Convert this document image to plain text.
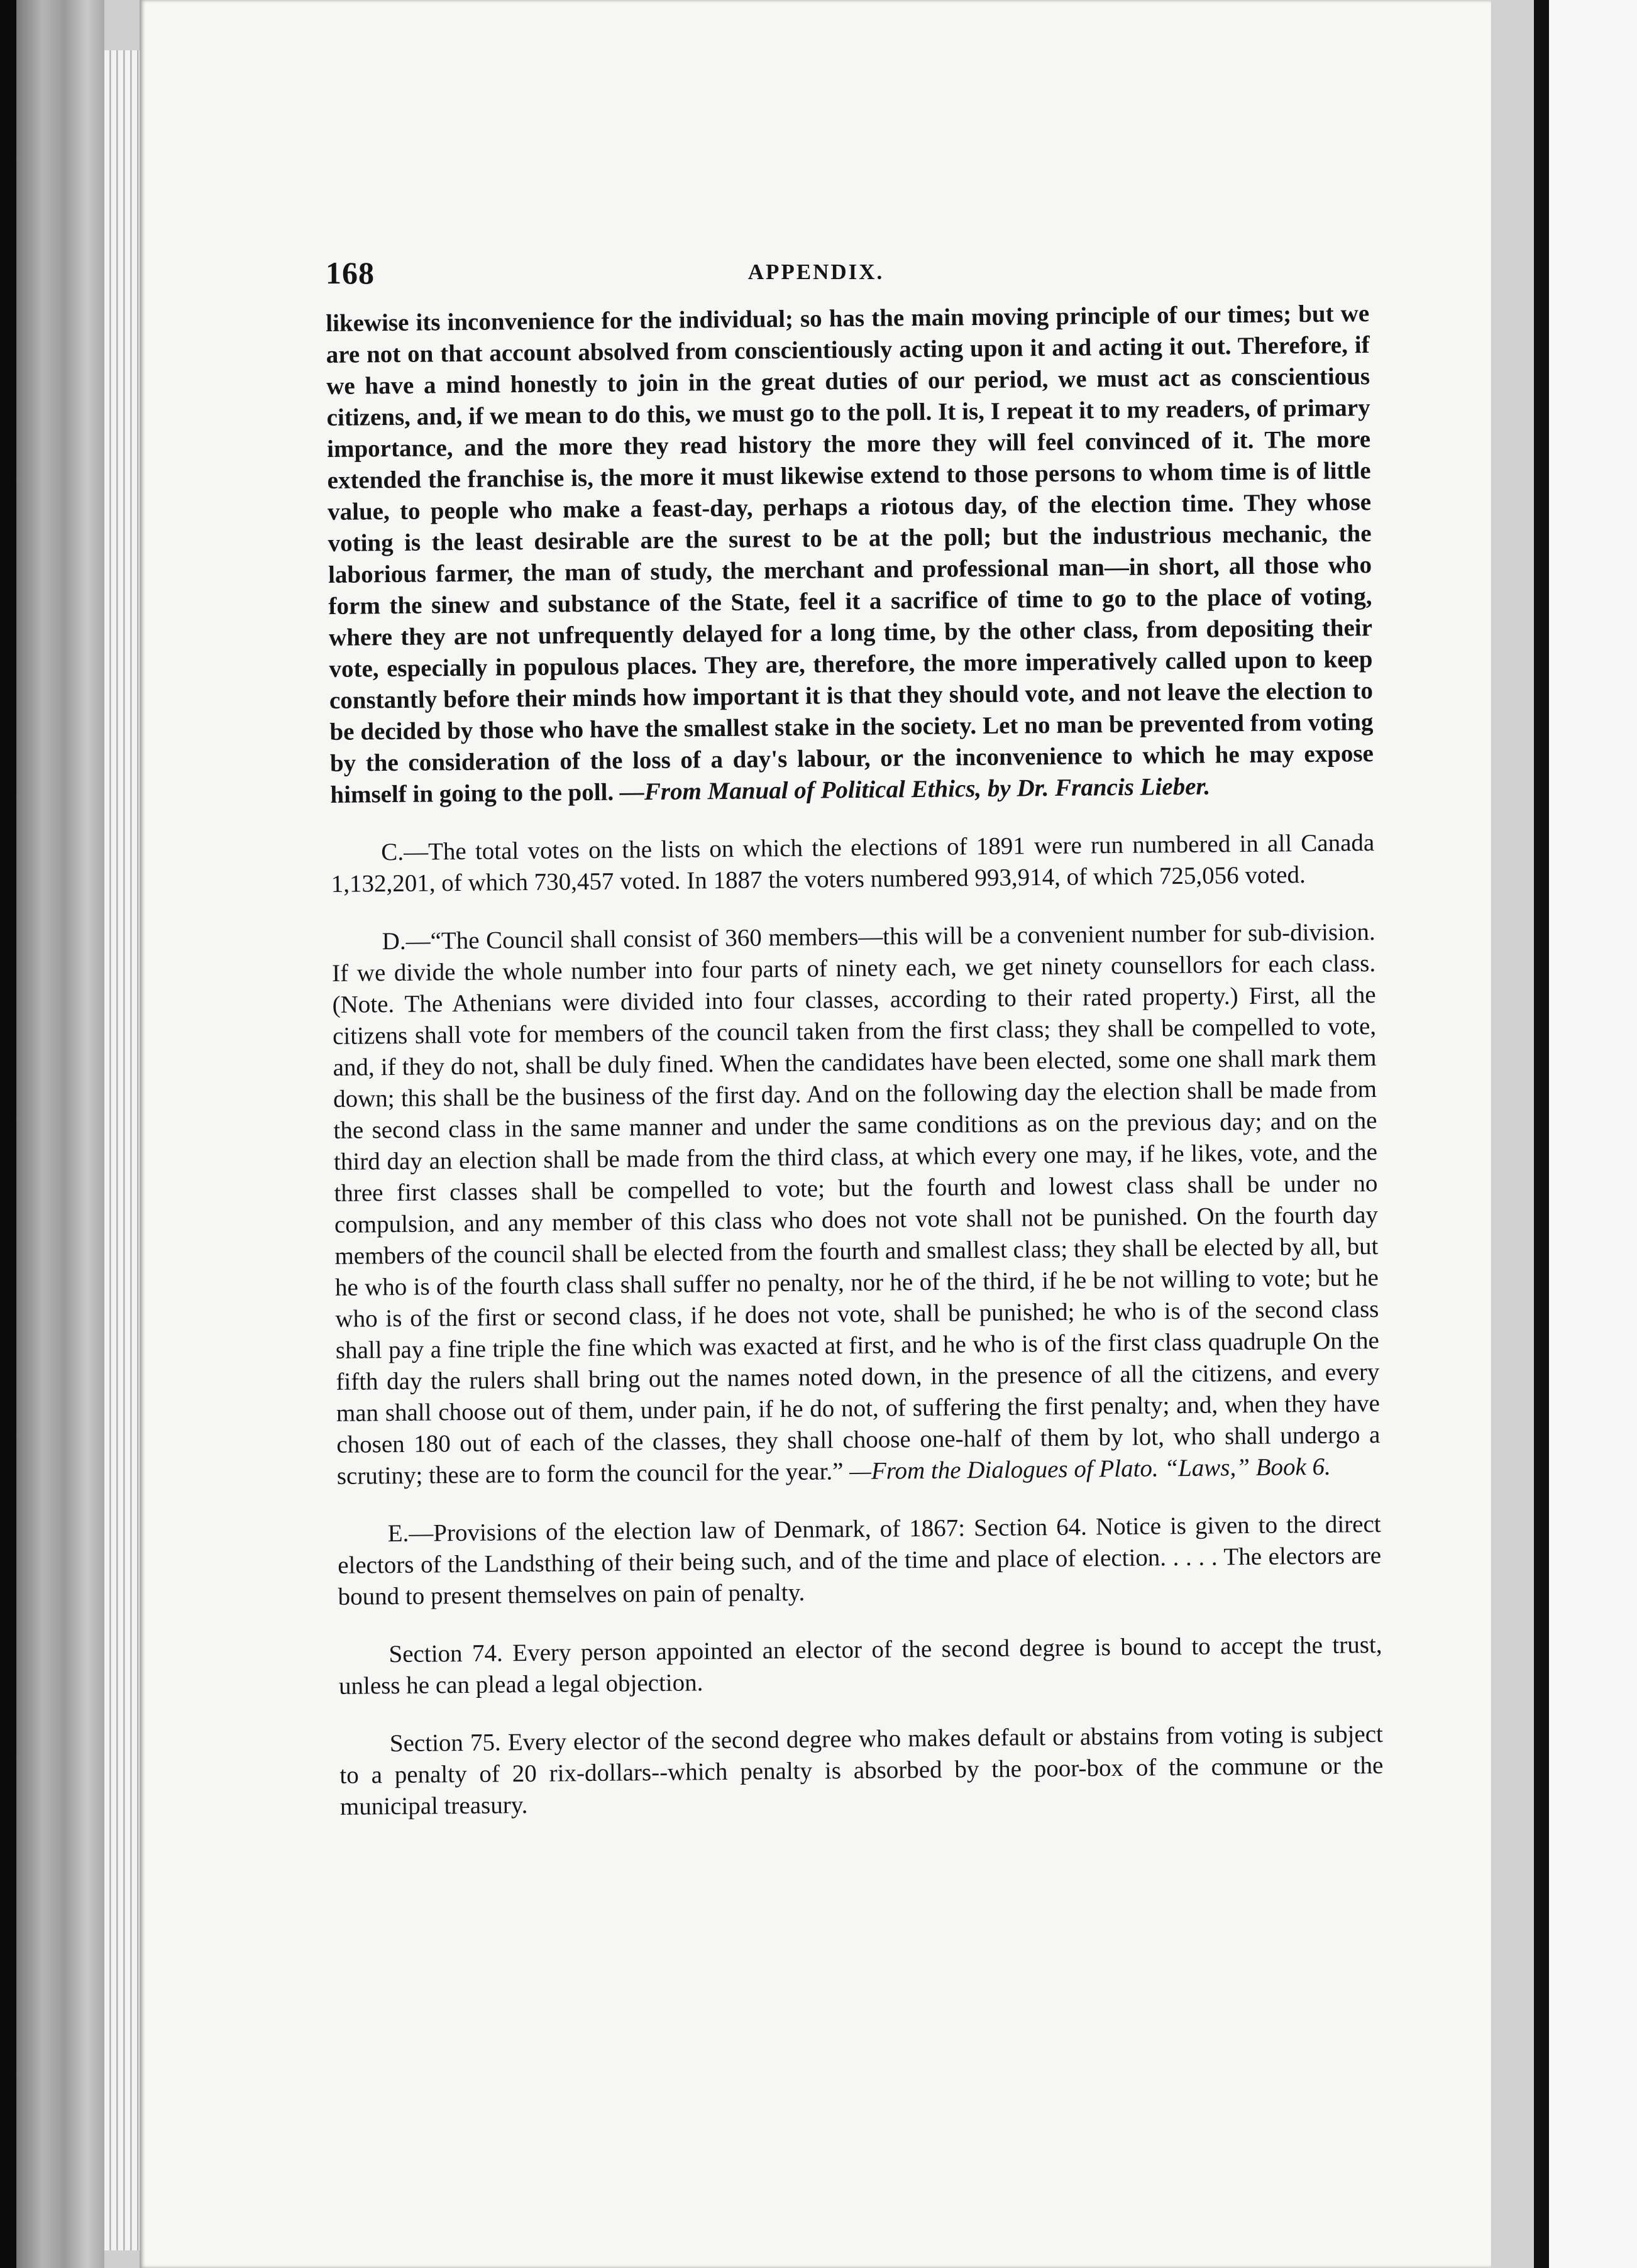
168	APPENDIX.

likewise its inconvenience for the individual; so has the main moving principle of our times; but we are not on that account absolved from conscientiously acting upon it and acting it out. Therefore, if we have a mind honestly to join in the great duties of our period, we must act as conscientious citizens, and, if we mean to do this, we must go to the poll. It is, I repeat it to my readers, of primary importance, and the more they read history the more they will feel convinced of it. The more extended the franchise is, the more it must likewise extend to those persons to whom time is of little value, to people who make a feast-day, perhaps a riotous day, of the election time. They whose voting is the least desirable are the surest to be at the poll; but the industrious mechanic, the laborious farmer, the man of study, the merchant and professional man—in short, all those who form the sinew and substance of the State, feel it a sacrifice of time to go to the place of voting, where they are not unfrequently delayed for a long time, by the other class, from depositing their vote, especially in populous places. They are, therefore, the more imperatively called upon to keep constantly before their minds how important it is that they should vote, and not leave the election to be decided by those who have the smallest stake in the society. Let no man be prevented from voting by the consideration of the loss of a day's labour, or the inconvenience to which he may expose himself in going to the poll. —From Manual of Political Ethics, by Dr. Francis Lieber.

C.—The total votes on the lists on which the elections of 1891 were run numbered in all Canada 1,132,201, of which 730,457 voted. In 1887 the voters numbered 993,914, of which 725,056 voted.

D.—“The Council shall consist of 360 members—this will be a convenient number for sub-division. If we divide the whole number into four parts of ninety each, we get ninety counsellors for each class. (Note. The Athenians were divided into four classes, according to their rated property.) First, all the citizens shall vote for members of the council taken from the first class; they shall be compelled to vote, and, if they do not, shall be duly fined. When the candidates have been elected, some one shall mark them down; this shall be the business of the first day. And on the following day the election shall be made from the second class in the same manner and under the same conditions as on the previous day; and on the third day an election shall be made from the third class, at which every one may, if he likes, vote, and the three first classes shall be compelled to vote; but the fourth and lowest class shall be under no compulsion, and any member of this class who does not vote shall not be punished. On the fourth day members of the council shall be elected from the fourth and smallest class; they shall be elected by all, but he who is of the fourth class shall suffer no penalty, nor he of the third, if he be not willing to vote; but he who is of the first or second class, if he does not vote, shall be punished; he who is of the second class shall pay a fine triple the fine which was exacted at first, and he who is of the first class quadruple On the fifth day the rulers shall bring out the names noted down, in the presence of all the citizens, and every man shall choose out of them, under pain, if he do not, of suffering the first penalty; and, when they have chosen 180 out of each of the classes, they shall choose one-half of them by lot, who shall undergo a scrutiny; these are to form the council for the year.” —From the Dialogues of Plato. “Laws,” Book 6.

E.—Provisions of the election law of Denmark, of 1867: Section 64. Notice is given to the direct electors of the Landsthing of their being such, and of the time and place of election. . . . . The electors are bound to present themselves on pain of penalty.

Section 74. Every person appointed an elector of the second degree is bound to accept the trust, unless he can plead a legal objection.

Section 75. Every elector of the second degree who makes default or abstains from voting is subject to a penalty of 20 rix-dollars--which penalty is absorbed by the poor-box of the commune or the municipal treasury.
